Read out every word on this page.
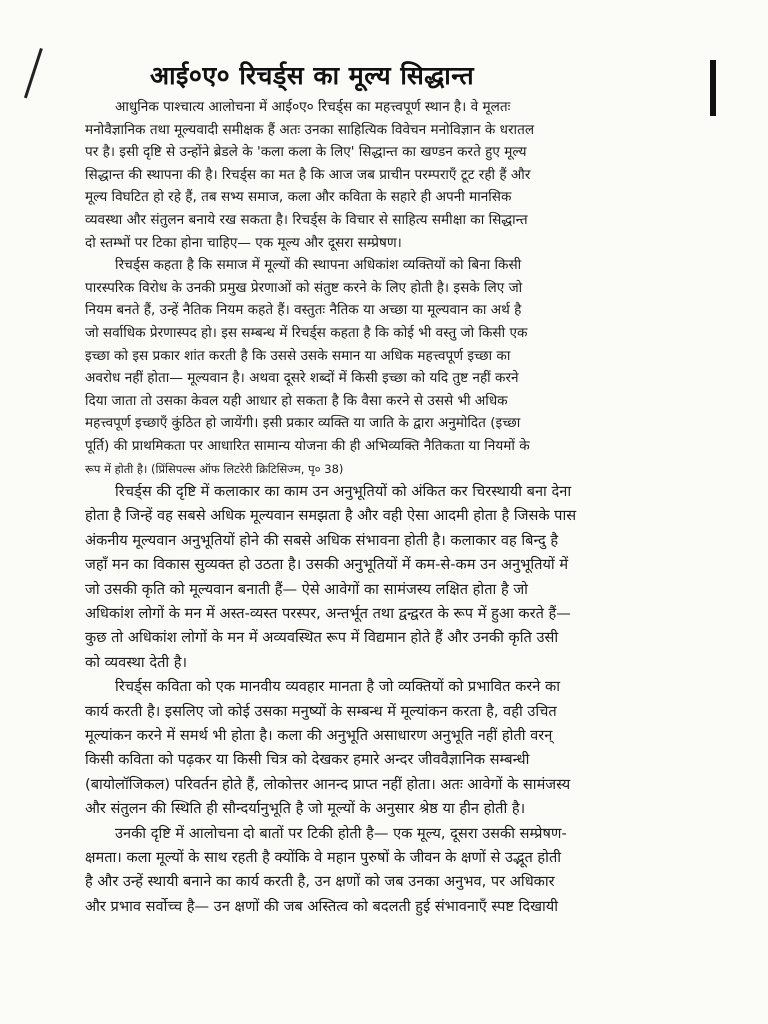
आई०ए० रिचर्ड्स का मूल्य सिद्धान्त
आधुनिक पाश्चात्य आलोचना में आई०ए० रिचर्ड्स का महत्त्वपूर्ण स्थान है। वे मूलतः
मनोवैज्ञानिक तथा मूल्यवादी समीक्षक हैं अतः उनका साहित्यिक विवेचन मनोविज्ञान के धरातल
पर है। इसी दृष्टि से उन्होंने ब्रेडले के 'कला कला के लिए' सिद्धान्त का खण्डन करते हुए मूल्य
सिद्धान्त की स्थापना की है। रिचर्ड्स का मत है कि आज जब प्राचीन परम्पराएँ टूट रही हैं और
मूल्य विघटित हो रहे हैं, तब सभ्य समाज, कला और कविता के सहारे ही अपनी मानसिक
व्यवस्था और संतुलन बनाये रख सकता है। रिचर्ड्स के विचार से साहित्य समीक्षा का सिद्धान्त
दो स्तम्भों पर टिका होना चाहिए— एक मूल्य और दूसरा सम्प्रेषण।
रिचर्ड्स कहता है कि समाज में मूल्यों की स्थापना अधिकांश व्यक्तियों को बिना किसी
पारस्परिक विरोध के उनकी प्रमुख प्रेरणाओं को संतुष्ट करने के लिए होती है। इसके लिए जो
नियम बनते हैं, उन्हें नैतिक नियम कहते हैं। वस्तुतः नैतिक या अच्छा या मूल्यवान का अर्थ है
जो सर्वाधिक प्रेरणास्पद हो। इस सम्बन्ध में रिचर्ड्स कहता है कि कोई भी वस्तु जो किसी एक
इच्छा को इस प्रकार शांत करती है कि उससे उसके समान या अधिक महत्त्वपूर्ण इच्छा का
अवरोध नहीं होता— मूल्यवान है। अथवा दूसरे शब्दों में किसी इच्छा को यदि तुष्ट नहीं करने
दिया जाता तो उसका केवल यही आधार हो सकता है कि वैसा करने से उससे भी अधिक
महत्त्वपूर्ण इच्छाएँ कुंठित हो जायेंगी। इसी प्रकार व्यक्ति या जाति के द्वारा अनुमोदित (इच्छा
पूर्ति) की प्राथमिकता पर आधारित सामान्य योजना की ही अभिव्यक्ति नैतिकता या नियमों के
रूप में होती है। (प्रिंसिपल्स ऑफ लिटरेरी क्रिटिसिज्म, पृ० 38)
रिचर्ड्स की दृष्टि में कलाकार का काम उन अनुभूतियों को अंकित कर चिरस्थायी बना देना
होता है जिन्हें वह सबसे अधिक मूल्यवान समझता है और वही ऐसा आदमी होता है जिसके पास
अंकनीय मूल्यवान अनुभूतियों होने की सबसे अधिक संभावना होती है। कलाकार वह बिन्दु है
जहाँ मन का विकास सुव्यक्त हो उठता है। उसकी अनुभूतियों में कम-से-कम उन अनुभूतियों में
जो उसकी कृति को मूल्यवान बनाती हैं— ऐसे आवेगों का सामंजस्य लक्षित होता है जो
अधिकांश लोगों के मन में अस्त-व्यस्त परस्पर, अन्तर्भूत तथा द्वन्द्वरत के रूप में हुआ करते हैं—
कुछ तो अधिकांश लोगों के मन में अव्यवस्थित रूप में विद्यमान होते हैं और उनकी कृति उसी
को व्यवस्था देती है।
रिचर्ड्स कविता को एक मानवीय व्यवहार मानता है जो व्यक्तियों को प्रभावित करने का
कार्य करती है। इसलिए जो कोई उसका मनुष्यों के सम्बन्ध में मूल्यांकन करता है, वही उचित
मूल्यांकन करने में समर्थ भी होता है। कला की अनुभूति असाधारण अनुभूति नहीं होती वरन्
किसी कविता को पढ़कर या किसी चित्र को देखकर हमारे अन्दर जीववैज्ञानिक सम्बन्धी
(बायोलॉजिकल) परिवर्तन होते हैं, लोकोत्तर आनन्द प्राप्त नहीं होता। अतः आवेगों के सामंजस्य
और संतुलन की स्थिति ही सौन्दर्यानुभूति है जो मूल्यों के अनुसार श्रेष्ठ या हीन होती है।
उनकी दृष्टि में आलोचना दो बातों पर टिकी होती है— एक मूल्य, दूसरा उसकी सम्प्रेषण-
क्षमता। कला मूल्यों के साथ रहती है क्योंकि वे महान पुरुषों के जीवन के क्षणों से उद्भूत होती
है और उन्हें स्थायी बनाने का कार्य करती है, उन क्षणों को जब उनका अनुभव, पर अधिकार
और प्रभाव सर्वोच्च है— उन क्षणों की जब अस्तित्व को बदलती हुई संभावनाएँ स्पष्ट दिखायी
